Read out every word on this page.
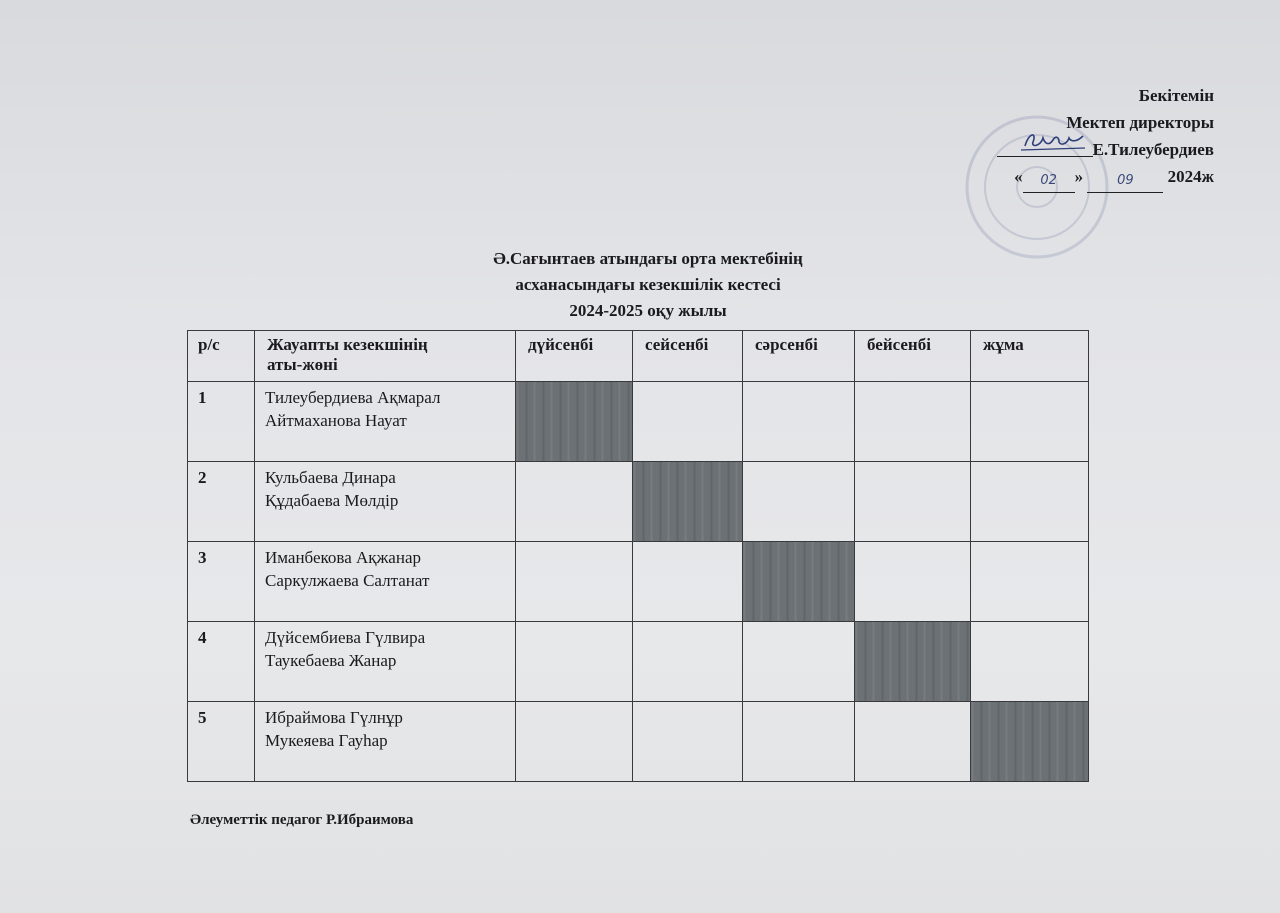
Бекітемін
Мектеп директоры
Е.Тилеубердиев
« 02 »	09 2024ж
Ә.Сағынтаев атындағы орта мектебінің
асханасындағы кезекшілік кестесі
2024-2025 оқу жылы
р/с	Жауапты кезекшінің
аты-жөні	дүйсенбі	сейсенбі	сәрсенбі	бейсенбі	жұма
1	Тилеубердиева Ақмарал
Айтмаханова Науат					

2	Кульбаева Динара
Құдабаева Мөлдір					

3	Иманбекова Ақжанар
Саркулжаева Салтанат					

4	Дүйсембиева Гүлвира
Таукебаева Жанар					

5	Ибраймова Гүлнұр
Мукеяева Гауһар					

Әлеуметтік педагог Р.Ибраимова
